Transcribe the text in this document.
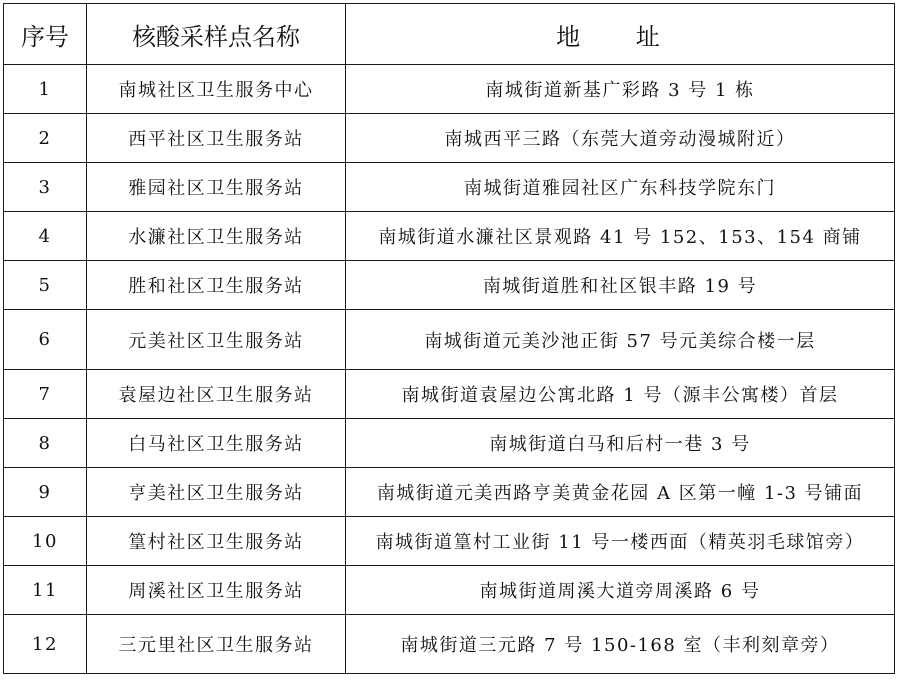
序号	核酸采样点名称	地 址
1	南城社区卫生服务中心	南城街道新基广彩路 3 号 1 栋
2	西平社区卫生服务站	南城西平三路（东莞大道旁动漫城附近）
3	雅园社区卫生服务站	南城街道雅园社区广东科技学院东门
4	水濂社区卫生服务站	南城街道水濂社区景观路 41 号 152、153、154 商铺
5	胜和社区卫生服务站	南城街道胜和社区银丰路 19 号
6	元美社区卫生服务站	南城街道元美沙池正街 57 号元美综合楼一层
7	袁屋边社区卫生服务站	南城街道袁屋边公寓北路 1 号（源丰公寓楼）首层
8	白马社区卫生服务站	南城街道白马和后村一巷 3 号
9	亨美社区卫生服务站	南城街道元美西路亨美黄金花园 A 区第一幢 1-3 号铺面
10	篁村社区卫生服务站	南城街道篁村工业街 11 号一楼西面（精英羽毛球馆旁）
11	周溪社区卫生服务站	南城街道周溪大道旁周溪路 6 号
12	三元里社区卫生服务站	南城街道三元路 7 号 150-168 室（丰利刻章旁）
